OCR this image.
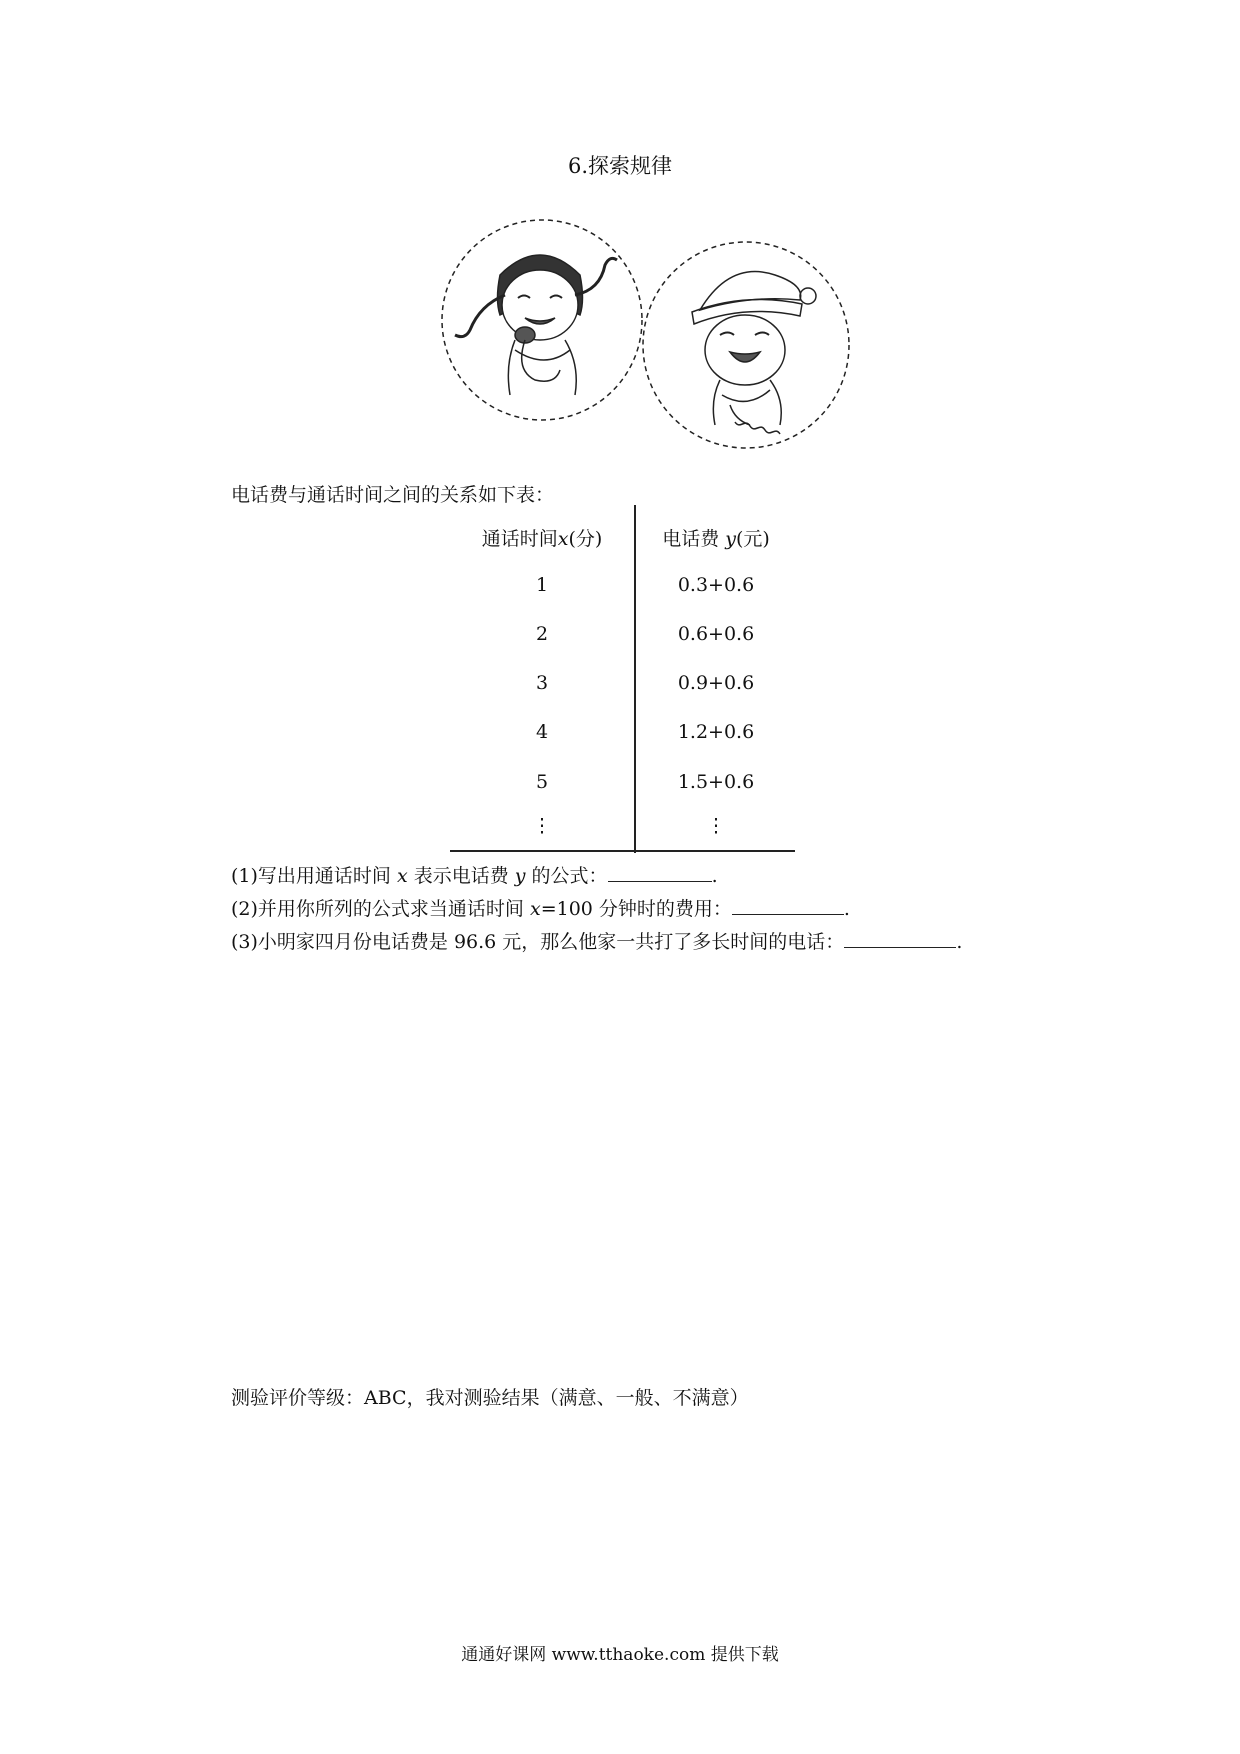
6.探索规律
电话费与通话时间之间的关系如下表：
通话时间x(分)	电话费 y(元)
1	0.3+0.6
2	0.6+0.6
3	0.9+0.6
4	1.2+0.6
5	1.5+0.6
⋮	⋮
(1)写出用通话时间 x 表示电话费 y 的公式：	.
(2)并用你所列的公式求当通话时间 x=100 分钟时的费用：	.
(3)小明家四月份电话费是 96.6 元，那么他家一共打了多长时间的电话：	.
测验评价等级：ABC，我对测验结果（满意、一般、不满意）
通通好课网 www.tthaoke.com 提供下载
